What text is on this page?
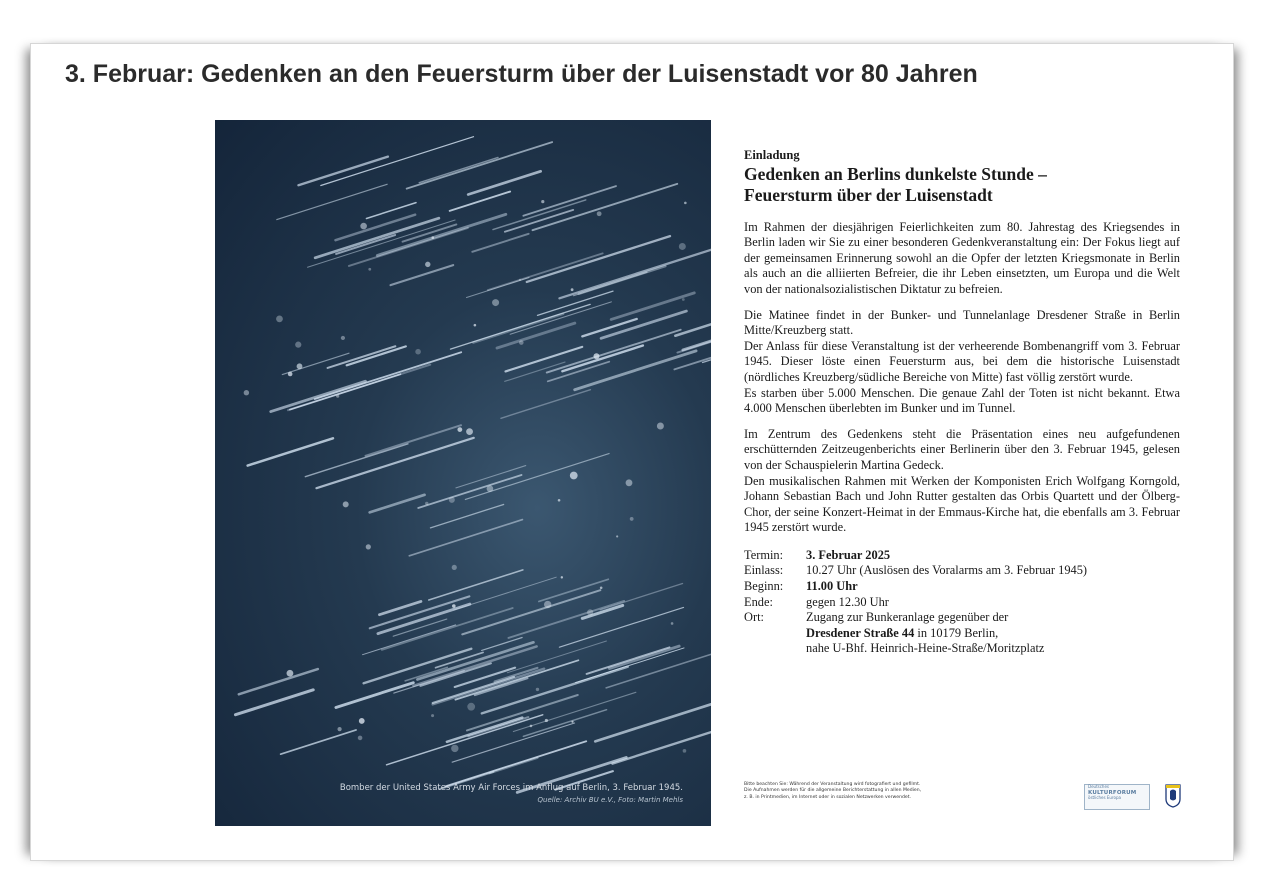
3. Februar: Gedenken an den Feuersturm über der Luisenstadt vor 80 Jahren
Bomber der United States Army Air Forces im Anflug auf Berlin, 3. Februar 1945.
Quelle: Archiv BU e.V., Foto: Martin Mehls

Einladung

Gedenken an Berlins dunkelste Stunde –
Feuersturm über der Luisenstadt

Im Rahmen der diesjährigen Feierlichkeiten zum 80. Jahrestag des Kriegsendes in Berlin laden wir Sie zu einer besonderen Gedenkveranstaltung ein: Der Fokus liegt auf der gemeinsamen Erinnerung sowohl an die Opfer der letzten Kriegsmonate in Berlin als auch an die alliierten Befreier, die ihr Leben einsetzten, um Europa und die Welt von der nationalsozialistischen Diktatur zu befreien.

Die Matinee findet in der Bunker- und Tunnelanlage Dresdener Straße in Berlin Mitte/Kreuzberg statt.

Der Anlass für diese Veranstaltung ist der verheerende Bombenangriff vom 3. Februar 1945. Dieser löste einen Feuersturm aus, bei dem die historische Luisenstadt (nördliches Kreuzberg/südliche Bereiche von Mitte) fast völlig zerstört wurde.

Es starben über 5.000 Menschen. Die genaue Zahl der Toten ist nicht bekannt. Etwa 4.000 Menschen überlebten im Bunker und im Tunnel.

Im Zentrum des Gedenkens steht die Präsentation eines neu aufgefundenen erschütternden Zeitzeugenberichts einer Berlinerin über den 3. Februar 1945, gelesen von der Schauspielerin Martina Gedeck.

Den musikalischen Rahmen mit Werken der Komponisten Erich Wolfgang Korngold, Johann Sebastian Bach und John Rutter gestalten das Orbis Quartett und der Ölberg-Chor, der seine Konzert-Heimat in der Emmaus-Kirche hat, die ebenfalls am 3. Februar 1945 zerstört wurde.

Termin:	3. Februar 2025
Einlass:	10.27 Uhr (Auslösen des Voralarms am 3. Februar 1945)
Beginn:	11.00 Uhr
Ende:	gegen 12.30 Uhr
Ort:	Zugang zur Bunkeranlage gegenüber der
Dresdener Straße 44 in 10179 Berlin,
nahe U-Bhf. Heinrich-Heine-Straße/Moritzplatz
Bitte beachten Sie: Während der Veranstaltung wird fotografiert und gefilmt.
Die Aufnahmen werden für die allgemeine Berichterstattung in allen Medien,
z. B. in Printmedien, im Internet oder in sozialen Netzwerken verwendet.
Deutsches
KULTURFORUM
östliches Europa
